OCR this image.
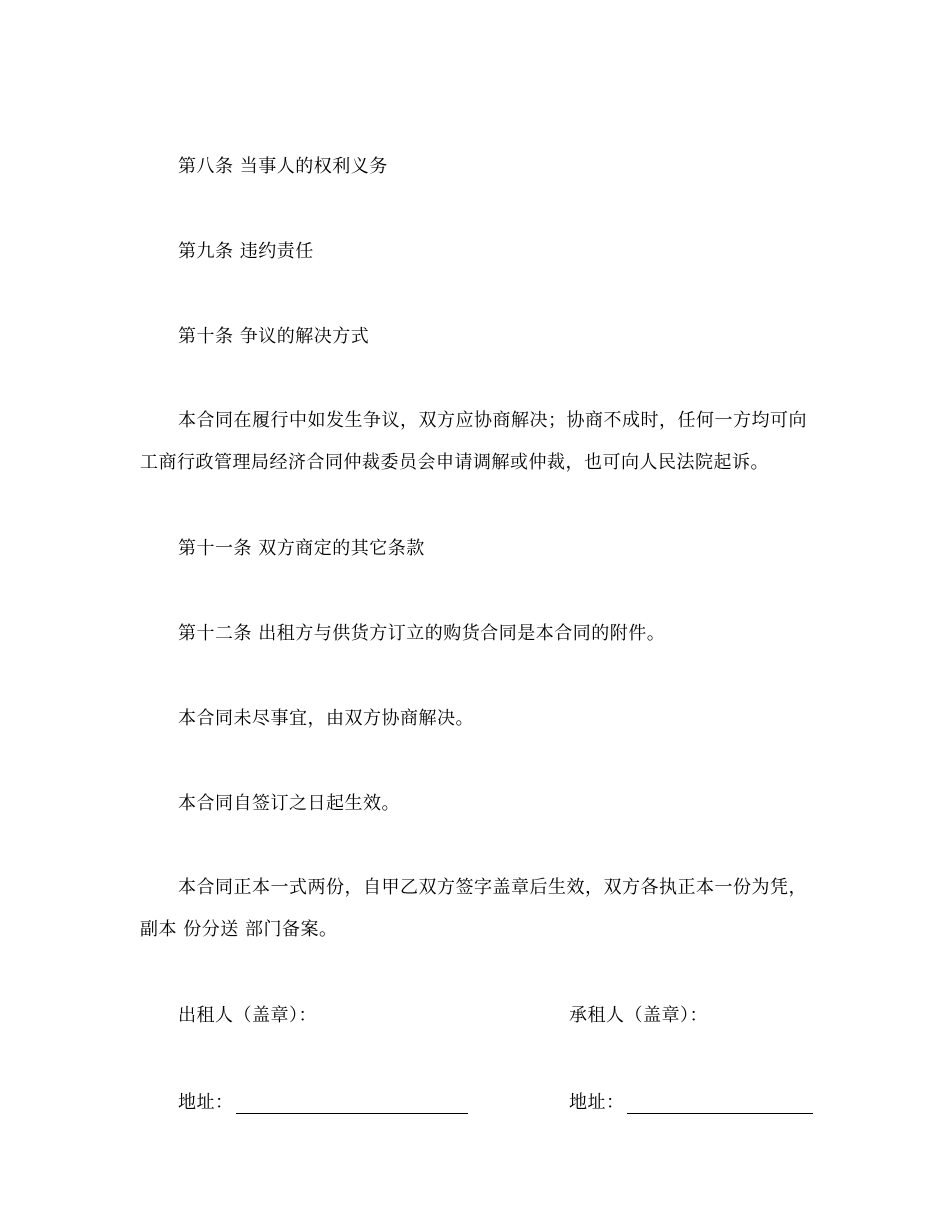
第八条 当事人的权利义务
第九条 违约责任
第十条 争议的解决方式
本合同在履行中如发生争议，双方应协商解决；协商不成时，任何一方均可向工商行政管理局经济合同仲裁委员会申请调解或仲裁，也可向人民法院起诉。
第十一条 双方商定的其它条款
第十二条 出租方与供货方订立的购货合同是本合同的附件。
本合同未尽事宜，由双方协商解决。
本合同自签订之日起生效。
本合同正本一式两份，自甲乙双方签字盖章后生效，双方各执正本一份为凭，副本 份分送 部门备案。
出租人（盖章）：	承租人（盖章）：
地址：	地址：
